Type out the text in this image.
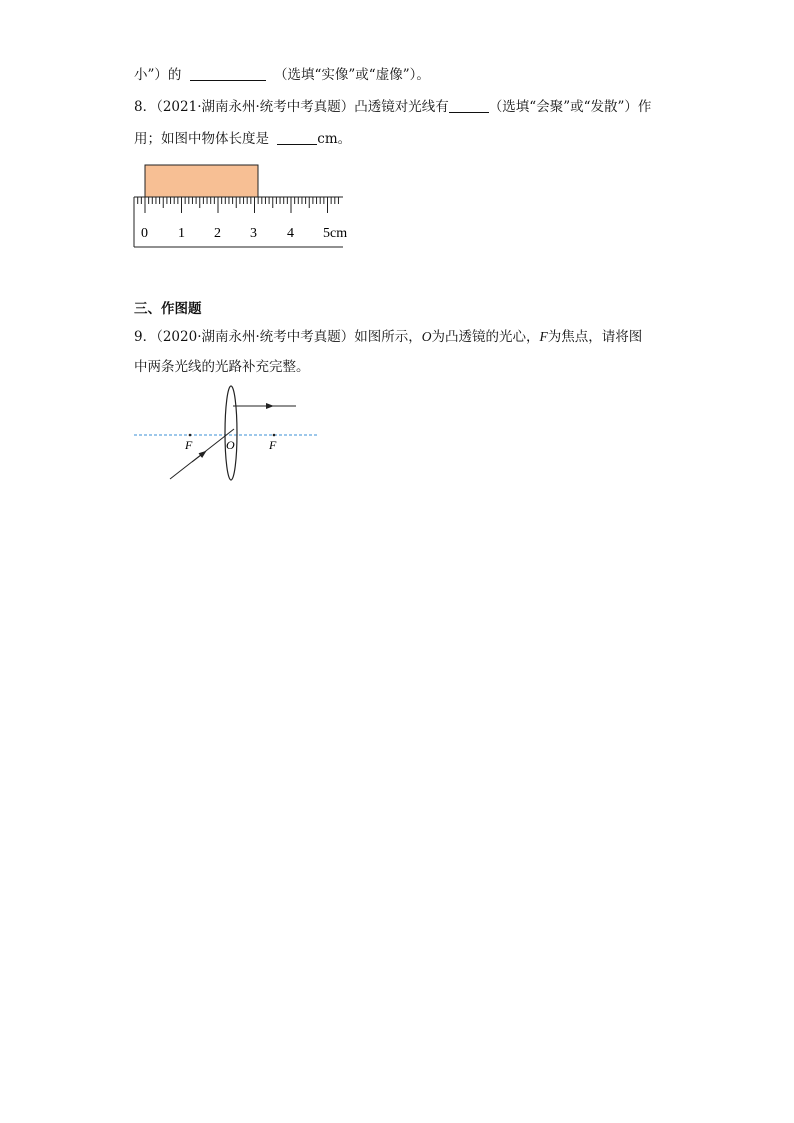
小”）的	（选填“实像”或“虚像”）。
8．（2021·湖南永州·统考中考真题）凸透镜对光线有	（选填“会聚”或“发散”）作
用；如图中物体长度是	cm。
0 1 2 3 4 5cm
三、作图题
9．（2020·湖南永州·统考中考真题）如图所示，O为凸透镜的光心，F为焦点，请将图
中两条光线的光路补充完整。
F	O	F
